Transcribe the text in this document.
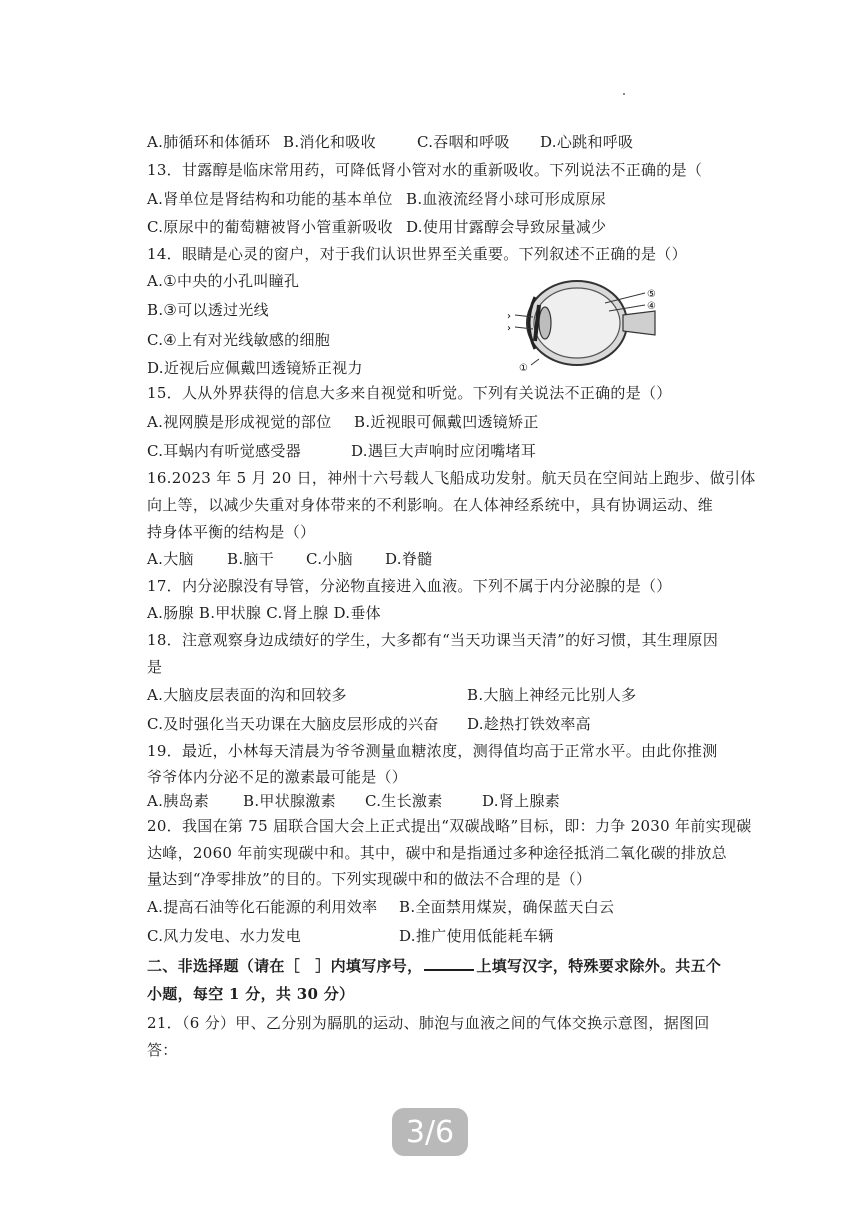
A.肺循环和体循环 B.消化和吸收	C.吞咽和呼吸 D.心跳和呼吸
13．甘露醇是临床常用药，可降低肾小管对水的重新吸收。下列说法不正确的是（
A.肾单位是肾结构和功能的基本单位 B.血液流经肾小球可形成原尿
C.原尿中的葡萄糖被肾小管重新吸收 D.使用甘露醇会导致尿量减少
14．眼睛是心灵的窗户，对于我们认识世界至关重要。下列叙述不正确的是（）
A.①中央的小孔叫瞳孔
B.③可以透过光线
C.④上有对光线敏感的细胞
D.近视后应佩戴凹透镜矫正视力
⑤
④
①
›
›
15．人从外界获得的信息大多来自视觉和听觉。下列有关说法不正确的是（）
A.视网膜是形成视觉的部位 B.近视眼可佩戴凹透镜矫正
C.耳蜗内有听觉感受器	D.遇巨大声响时应闭嘴堵耳
16.2023 年 5 月 20 日，神州十六号载人飞船成功发射。航天员在空间站上跑步、做引体
向上等，以减少失重对身体带来的不利影响。在人体神经系统中，具有协调运动、维
持身体平衡的结构是（）
A.大脑 B.脑干 C.小脑 D.脊髓
17．内分泌腺没有导管，分泌物直接进入血液。下列不属于内分泌腺的是（）
A.肠腺 B.甲状腺 C.肾上腺 D.垂体
18．注意观察身边成绩好的学生，大多都有“当天功课当天清”的好习惯，其生理原因
是
A.大脑皮层表面的沟和回较多	B.大脑上神经元比别人多
C.及时强化当天功课在大脑皮层形成的兴奋 D.趁热打铁效率高
19．最近，小林每天清晨为爷爷测量血糖浓度，测得值均高于正常水平。由此你推测
爷爷体内分泌不足的激素最可能是（）
A.胰岛素 B.甲状腺激素 C.生长激素	D.肾上腺素
20．我国在第 75 届联合国大会上正式提出“双碳战略”目标，即：力争 2030 年前实现碳
达峰，2060 年前实现碳中和。其中，碳中和是指通过多种途径抵消二氧化碳的排放总
量达到“净零排放”的目的。下列实现碳中和的做法不合理的是（）
A.提高石油等化石能源的利用效率 B.全面禁用煤炭，确保蓝天白云
C.风力发电、水力发电	D.推广使用低能耗车辆
二、非选择题（请在［　］内填写序号，	上填写汉字，特殊要求除外。共五个
小题，每空 1 分，共 30 分）
21．（6 分）甲、乙分别为膈肌的运动、肺泡与血液之间的气体交换示意图，据图回
答：
3/6
